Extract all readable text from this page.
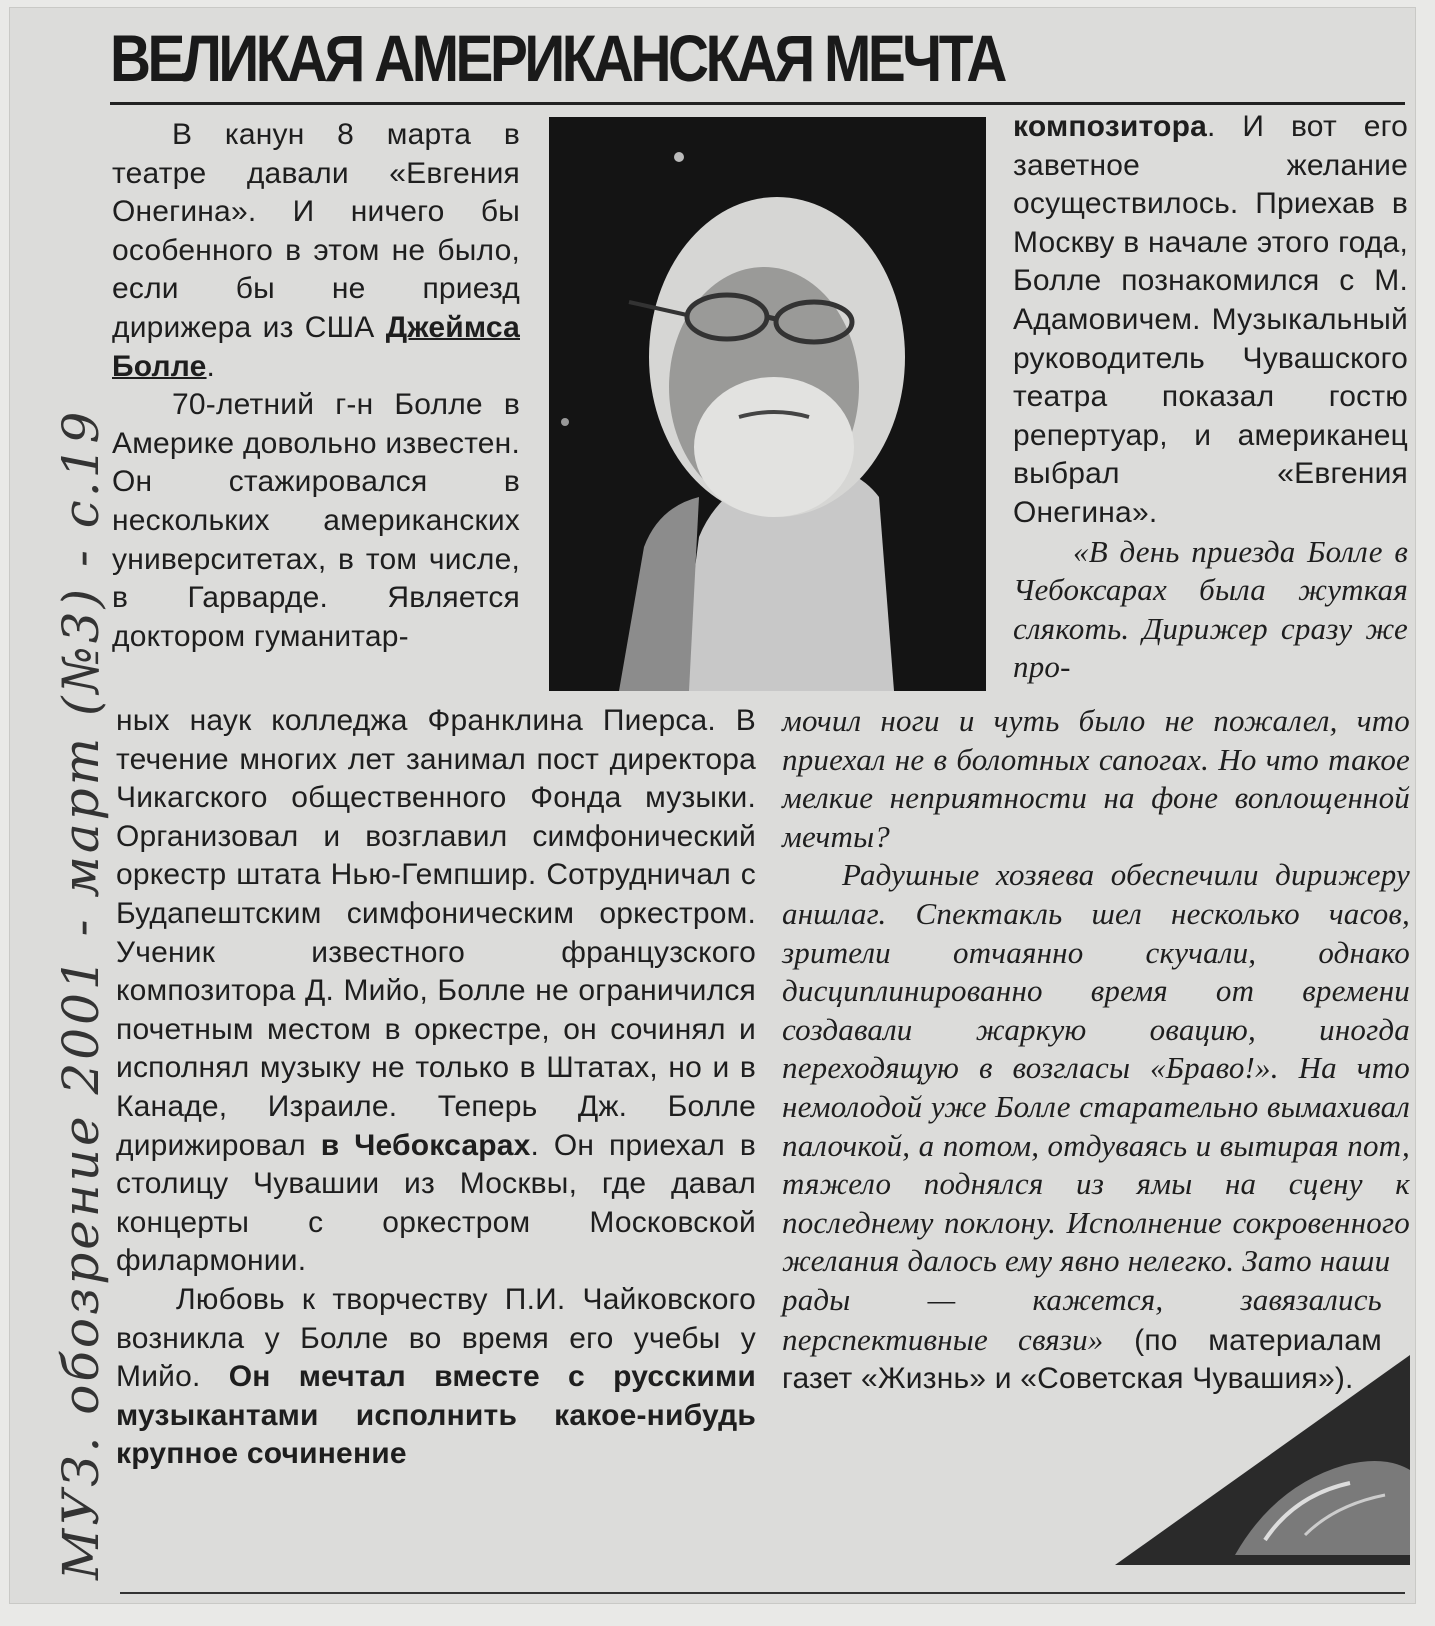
ВЕЛИКАЯ АМЕРИКАНСКАЯ МЕЧТА

В канун 8 марта в театре давали «Евгения Онегина». И ничего бы особенного в этом не было, если бы не приезд дирижера из США Джеймса Болле.

70-летний г-н Болле в Америке довольно известен. Он стажировался в нескольких американских университетах, в том числе, в Гарварде. Является доктором гуманитар-

композитора. И вот его заветное желание осуществилось. Приехав в Москву в начале этого года, Болле познакомился с М. Адамовичем. Музыкальный руководитель Чувашского театра показал гостю репертуар, и американец выбрал «Евгения Онегина».

«В день приезда Болле в Чебоксарах была жуткая слякоть. Дирижер сразу же про-

ных наук колледжа Франклина Пиерса. В течение многих лет занимал пост директора Чикагского общественного Фонда музыки. Организовал и возглавил симфонический оркестр штата Нью-Гемпшир. Сотрудничал с Будапештским симфоническим оркестром. Ученик известного французского композитора Д. Мийо, Болле не ограничился почетным местом в оркестре, он сочинял и исполнял музыку не только в Штатах, но и в Канаде, Израиле. Теперь Дж. Болле дирижировал в Чебоксарах. Он приехал в столицу Чувашии из Москвы, где давал концерты с оркестром Московской филармонии.

Любовь к творчеству П.И. Чайковского возникла у Болле во время его учебы у Мийо. Он мечтал вместе с русскими музыкантами исполнить какое-нибудь крупное сочинение

мочил ноги и чуть было не пожалел, что приехал не в болотных сапогах. Но что такое мелкие неприятности на фоне воплощенной мечты?

Радушные хозяева обеспечили дирижеру аншлаг. Спектакль шел несколько часов, зрители отчаянно скучали, однако дисциплинированно время от времени создавали жаркую овацию, иногда переходящую в возгласы «Браво!». На что немолодой уже Болле старательно вымахивал палочкой, а потом, отдуваясь и вытирая пот, тяжело поднялся из ямы на сцену к последнему поклону. Исполнение сокровенного желания далось ему явно нелегко. Зато наши

рады — кажется, завязались перспективные связи» (по материалам газет «Жизнь» и «Советская Чувашия»).

МУЗ. обозрение 2001 - март (№3) - с.19
